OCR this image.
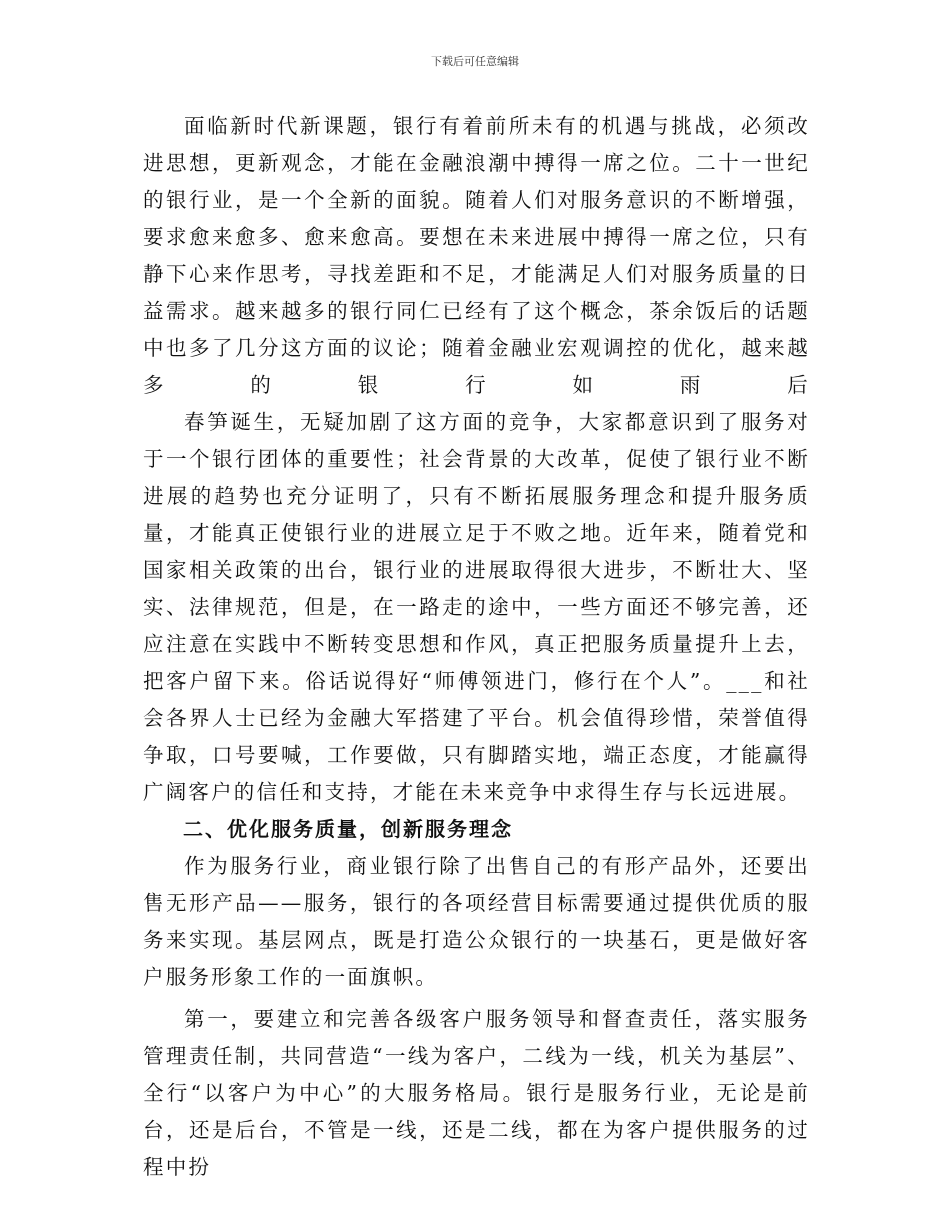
下载后可任意编辑

面临新时代新课题，银行有着前所未有的机遇与挑战，必须改进思想，更新观念，才能在金融浪潮中搏得一席之位。二十一世纪的银行业，是一个全新的面貌。随着人们对服务意识的不断增强，要求愈来愈多、愈来愈高。要想在未来进展中搏得一席之位，只有静下心来作思考，寻找差距和不足，才能满足人们对服务质量的日益需求。越来越多的银行同仁已经有了这个概念，茶余饭后的话题中也多了几分这方面的议论；随着金融业宏观调控的优化，越来越多的银行如雨后

春笋诞生，无疑加剧了这方面的竞争，大家都意识到了服务对于一个银行团体的重要性；社会背景的大改革，促使了银行业不断进展的趋势也充分证明了，只有不断拓展服务理念和提升服务质量，才能真正使银行业的进展立足于不败之地。近年来，随着党和国家相关政策的出台，银行业的进展取得很大进步，不断壮大、坚实、法律规范，但是，在一路走的途中，一些方面还不够完善，还应注意在实践中不断转变思想和作风，真正把服务质量提升上去，把客户留下来。俗话说得好“师傅领进门，修行在个人”。___和社会各界人士已经为金融大军搭建了平台。机会值得珍惜，荣誉值得争取，口号要喊，工作要做，只有脚踏实地，端正态度，才能赢得广阔客户的信任和支持，才能在未来竞争中求得生存与长远进展。

二、优化服务质量，创新服务理念

作为服务行业，商业银行除了出售自己的有形产品外，还要出售无形产品——服务，银行的各项经营目标需要通过提供优质的服务来实现。基层网点，既是打造公众银行的一块基石，更是做好客户服务形象工作的一面旗帜。

第一，要建立和完善各级客户服务领导和督查责任，落实服务管理责任制，共同营造“一线为客户，二线为一线，机关为基层”、全行“以客户为中心”的大服务格局。银行是服务行业，无论是前台，还是后台，不管是一线，还是二线，都在为客户提供服务的过程中扮
